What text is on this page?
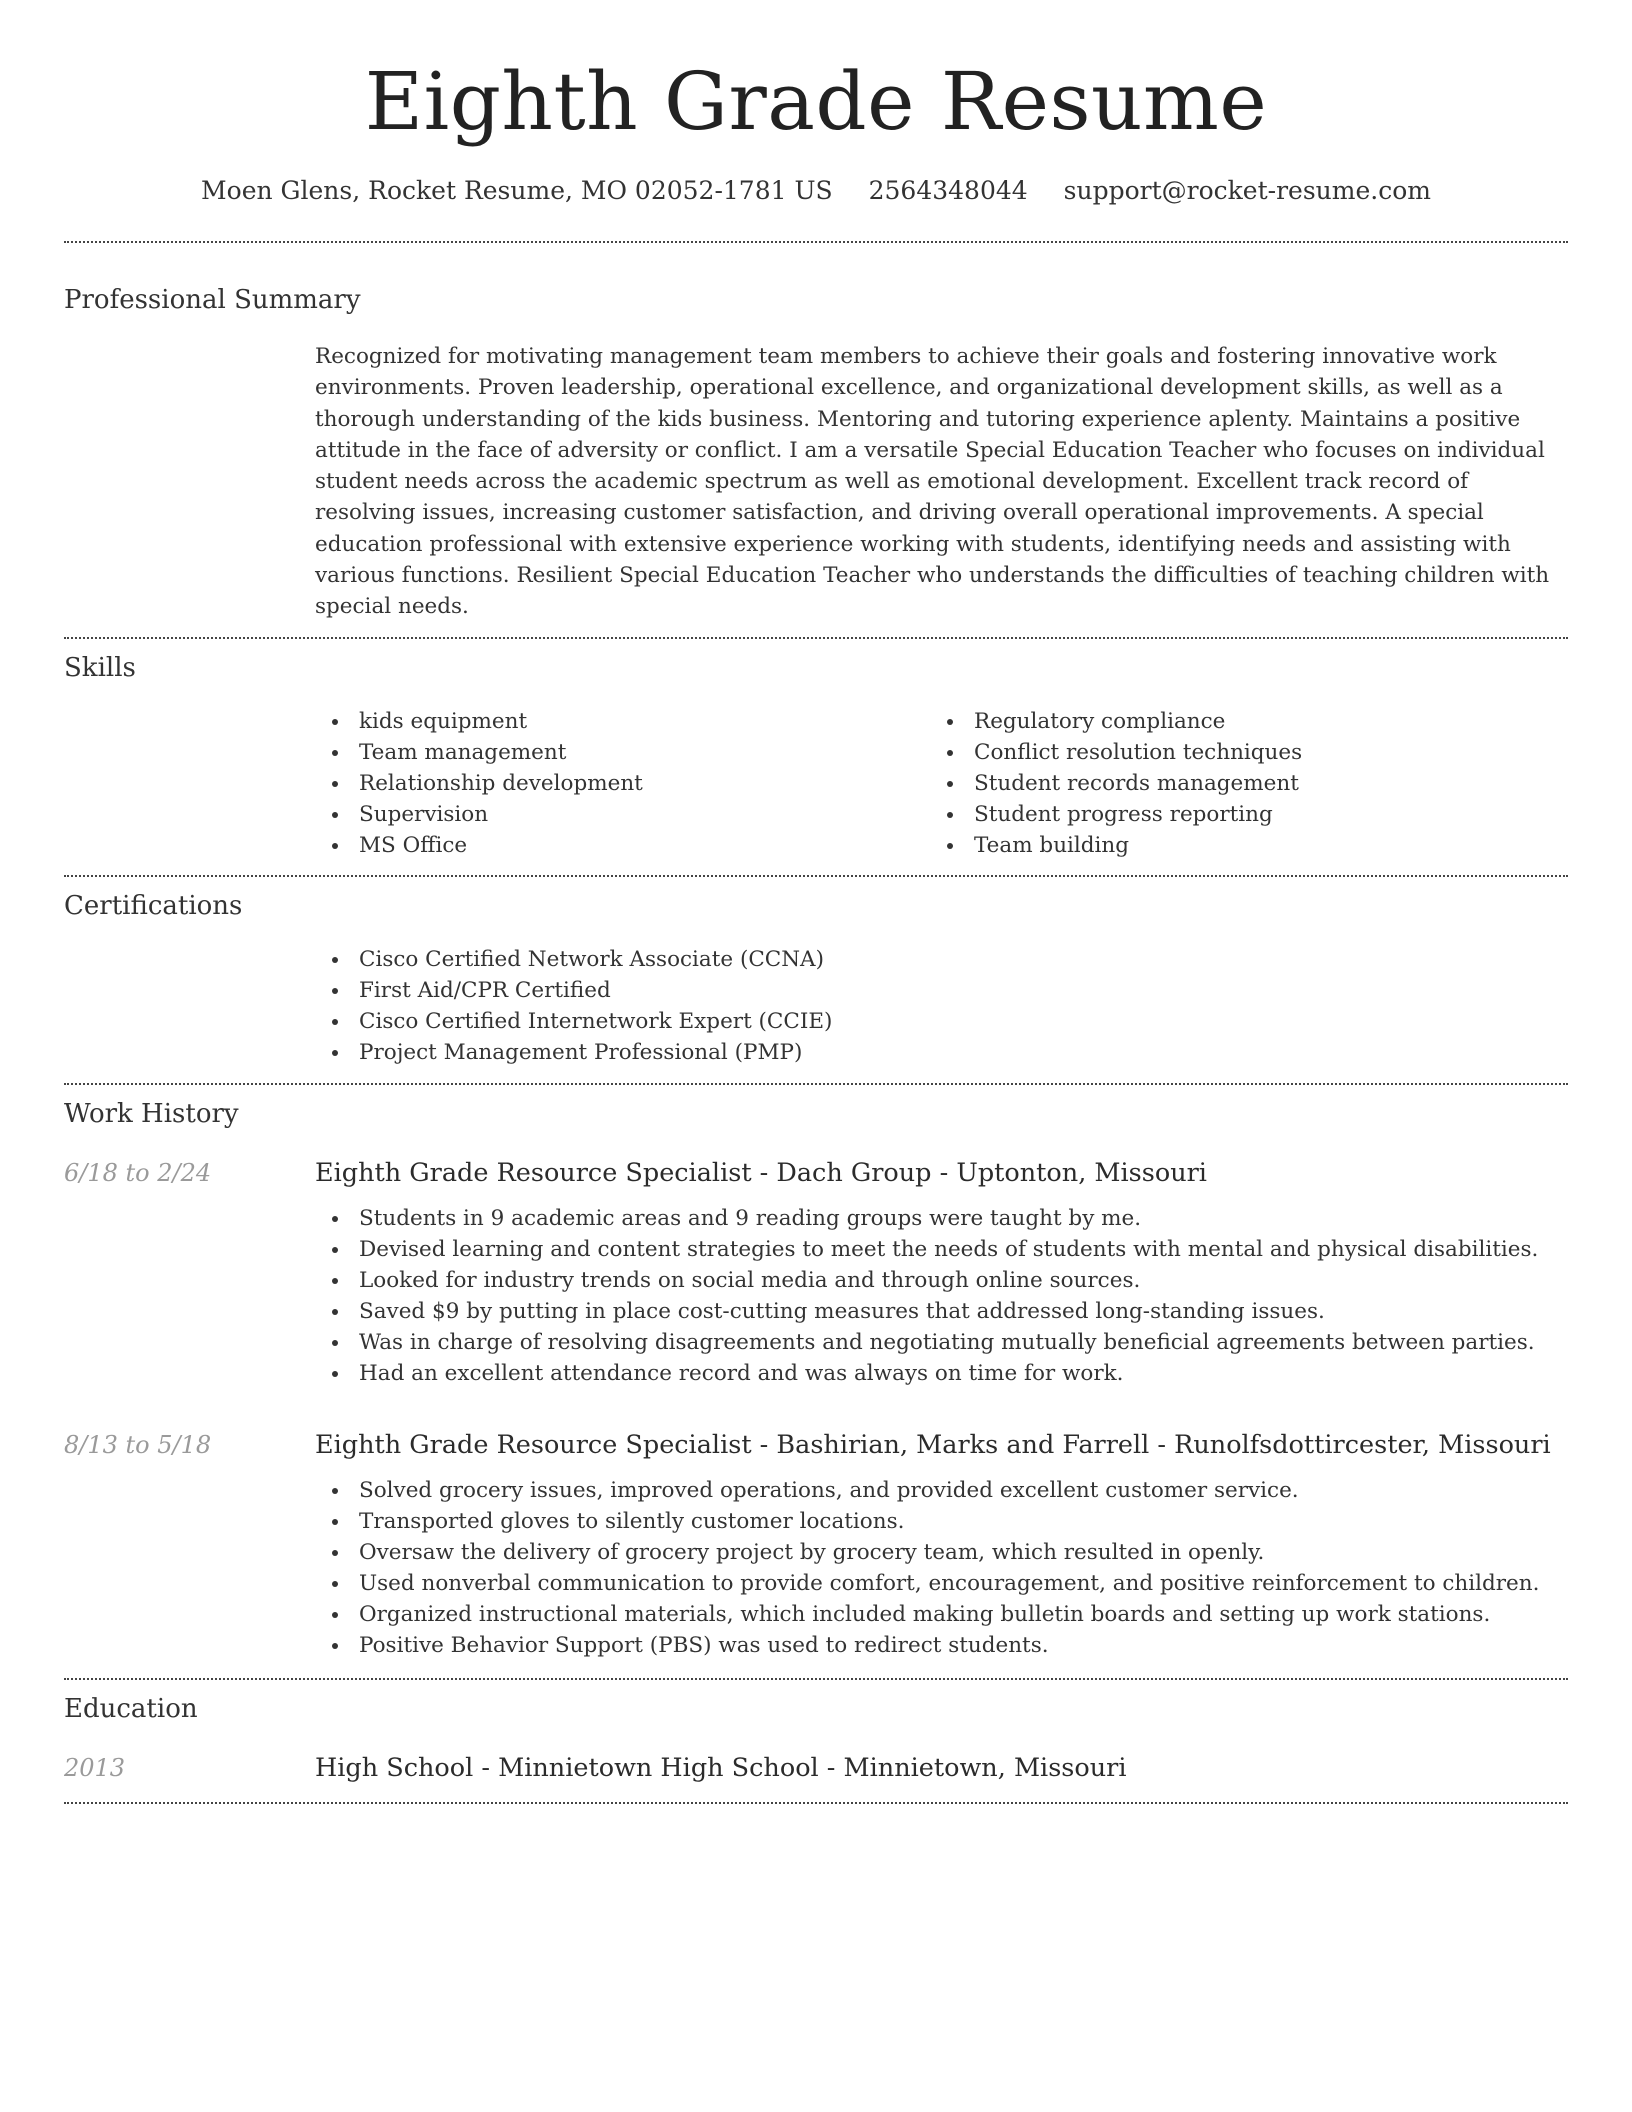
Eighth Grade Resume
Moen Glens, Rocket Resume, MO 02052-1781 US 2564348044 support@rocket-resume.com
Professional Summary

Recognized for motivating management team members to achieve their goals and fostering innovative work environments. Proven leadership, operational excellence, and organizational development skills, as well as a thorough understanding of the kids business. Mentoring and tutoring experience aplenty. Maintains a positive attitude in the face of adversity or conflict. I am a versatile Special Education Teacher who focuses on individual student needs across the academic spectrum as well as emotional development. Excellent track record of resolving issues, increasing customer satisfaction, and driving overall operational improvements. A special education professional with extensive experience working with students, identifying needs and assisting with various functions. Resilient Special Education Teacher who understands the difficulties of teaching children with special needs.

Skills
kids equipment
Team management
Relationship development
Supervision
MS Office
Regulatory compliance
Conflict resolution techniques
Student records management
Student progress reporting
Team building
Certifications
Cisco Certified Network Associate (CCNA)
First Aid/CPR Certified
Cisco Certified Internetwork Expert (CCIE)
Project Management Professional (PMP)
Work History
6/18 to 2/24	Eighth Grade Resource Specialist - Dach Group - Uptonton, Missouri
Students in 9 academic areas and 9 reading groups were taught by me.
Devised learning and content strategies to meet the needs of students with mental and physical disabilities.
Looked for industry trends on social media and through online sources.
Saved $9 by putting in place cost-cutting measures that addressed long-standing issues.
Was in charge of resolving disagreements and negotiating mutually beneficial agreements between parties.
Had an excellent attendance record and was always on time for work.
8/13 to 5/18	Eighth Grade Resource Specialist - Bashirian, Marks and Farrell - Runolfsdottircester, Missouri
Solved grocery issues, improved operations, and provided excellent customer service.
Transported gloves to silently customer locations.
Oversaw the delivery of grocery project by grocery team, which resulted in openly.
Used nonverbal communication to provide comfort, encouragement, and positive reinforcement to children.
Organized instructional materials, which included making bulletin boards and setting up work stations.
Positive Behavior Support (PBS) was used to redirect students.
Education
2013	High School - Minnietown High School - Minnietown, Missouri
